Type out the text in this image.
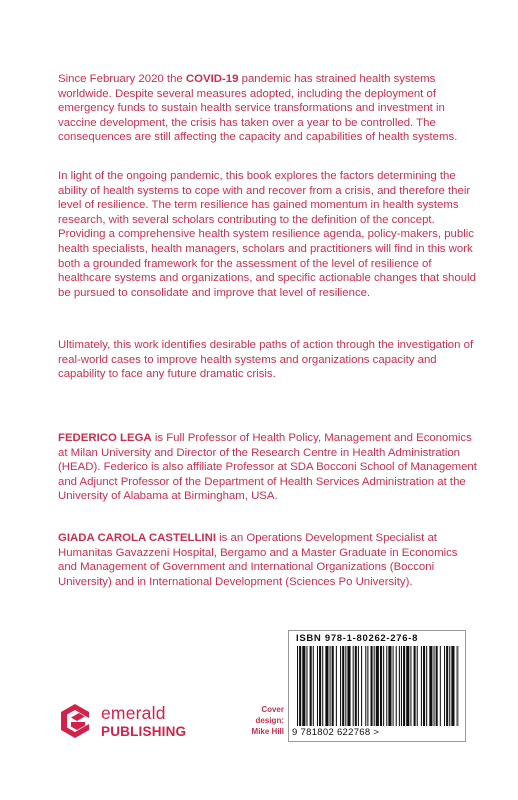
Since February 2020 the COVID-19 pandemic has strained health systems worldwide. Despite several measures adopted, including the deployment of emergency funds to sustain health service transformations and investment in vaccine development, the crisis has taken over a year to be controlled. The consequences are still affecting the capacity and capabilities of health systems.

In light of the ongoing pandemic, this book explores the factors determining the ability of health systems to cope with and recover from a crisis, and therefore their level of resilience. The term resilience has gained momentum in health systems research, with several scholars contributing to the definition of the concept. Providing a comprehensive health system resilience agenda, policy-makers, public health specialists, health managers, scholars and practitioners will find in this work both a grounded framework for the assessment of the level of resilience of healthcare systems and organizations, and specific actionable changes that should be pursued to consolidate and improve that level of resilience.

Ultimately, this work identifies desirable paths of action through the investigation of real-world cases to improve health systems and organizations capacity and capability to face any future dramatic crisis.

FEDERICO LEGA is Full Professor of Health Policy, Management and Economics at Milan University and Director of the Research Centre in Health Administration (HEAD). Federico is also affiliate Professor at SDA Bocconi School of Management and Adjunct Professor of the Department of Health Services Administration at the University of Alabama at Birmingham, USA.

GIADA CAROLA CASTELLINI is an Operations Development Specialist at Humanitas Gavazzeni Hospital, Bergamo and a Master Graduate in Economics and Management of Government and International Organizations (Bocconi University) and in International Development (Sciences Po University).

emerald
PUBLISHING
Cover
design:
Mike Hill
ISBN 978-1-80262-276-8
9 781802 622768 >
